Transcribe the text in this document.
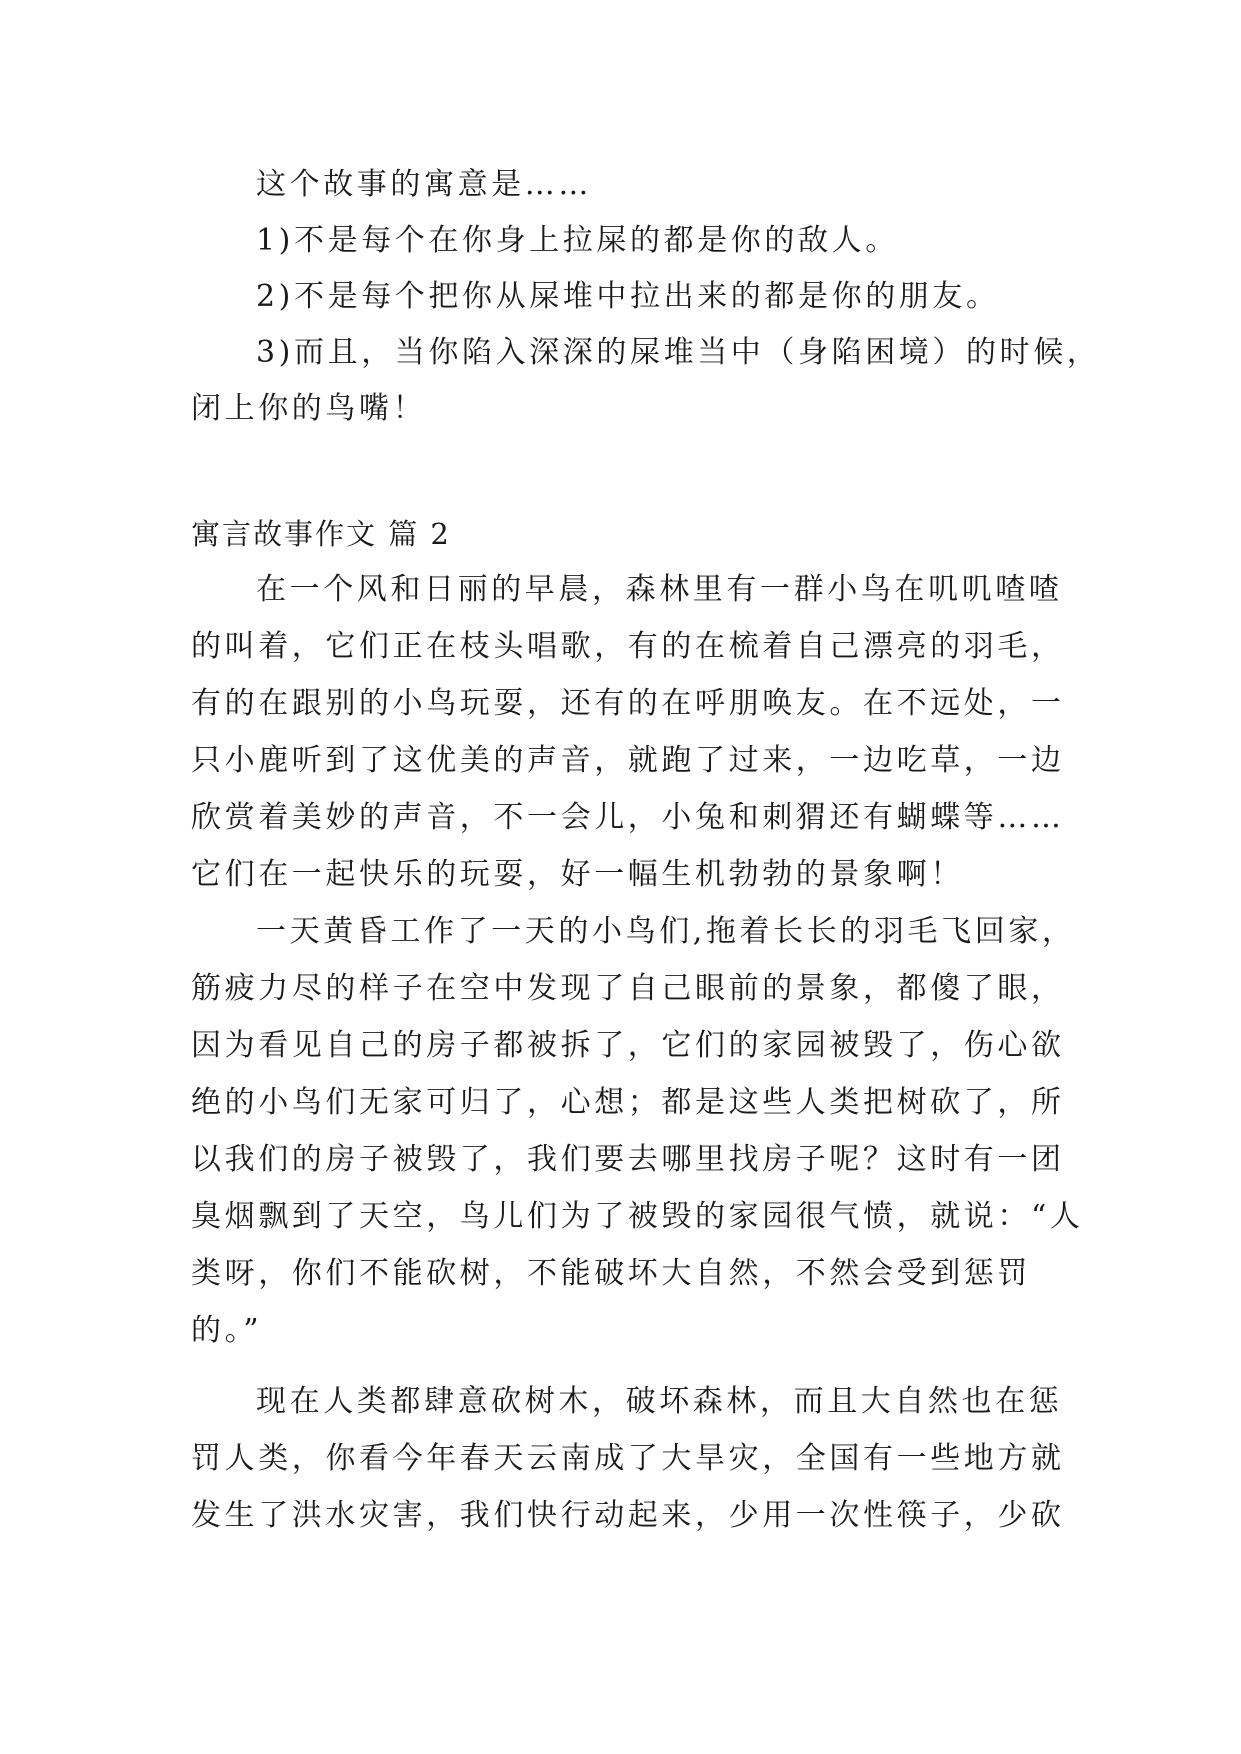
这个故事的寓意是……
1)不是每个在你身上拉屎的都是你的敌人。
2)不是每个把你从屎堆中拉出来的都是你的朋友。
3)而且，当你陷入深深的屎堆当中（身陷困境）的时候，
闭上你的鸟嘴！
寓言故事作文 篇 2
在一个风和日丽的早晨，森林里有一群小鸟在叽叽喳喳
的叫着，它们正在枝头唱歌，有的在梳着自己漂亮的羽毛，
有的在跟别的小鸟玩耍，还有的在呼朋唤友。在不远处，一
只小鹿听到了这优美的声音，就跑了过来，一边吃草，一边
欣赏着美妙的声音，不一会儿，小兔和刺猬还有蝴蝶等……
它们在一起快乐的玩耍，好一幅生机勃勃的景象啊！
一天黄昏工作了一天的小鸟们,拖着长长的羽毛飞回家，
筋疲力尽的样子在空中发现了自己眼前的景象，都傻了眼，
因为看见自己的房子都被拆了，它们的家园被毁了，伤心欲
绝的小鸟们无家可归了，心想；都是这些人类把树砍了，所
以我们的房子被毁了，我们要去哪里找房子呢？这时有一团
臭烟飘到了天空，鸟儿们为了被毁的家园很气愤，就说：“人
类呀，你们不能砍树，不能破坏大自然，不然会受到惩罚
的。”
现在人类都肆意砍树木，破坏森林，而且大自然也在惩
罚人类，你看今年春天云南成了大旱灾，全国有一些地方就
发生了洪水灾害，我们快行动起来，少用一次性筷子，少砍
